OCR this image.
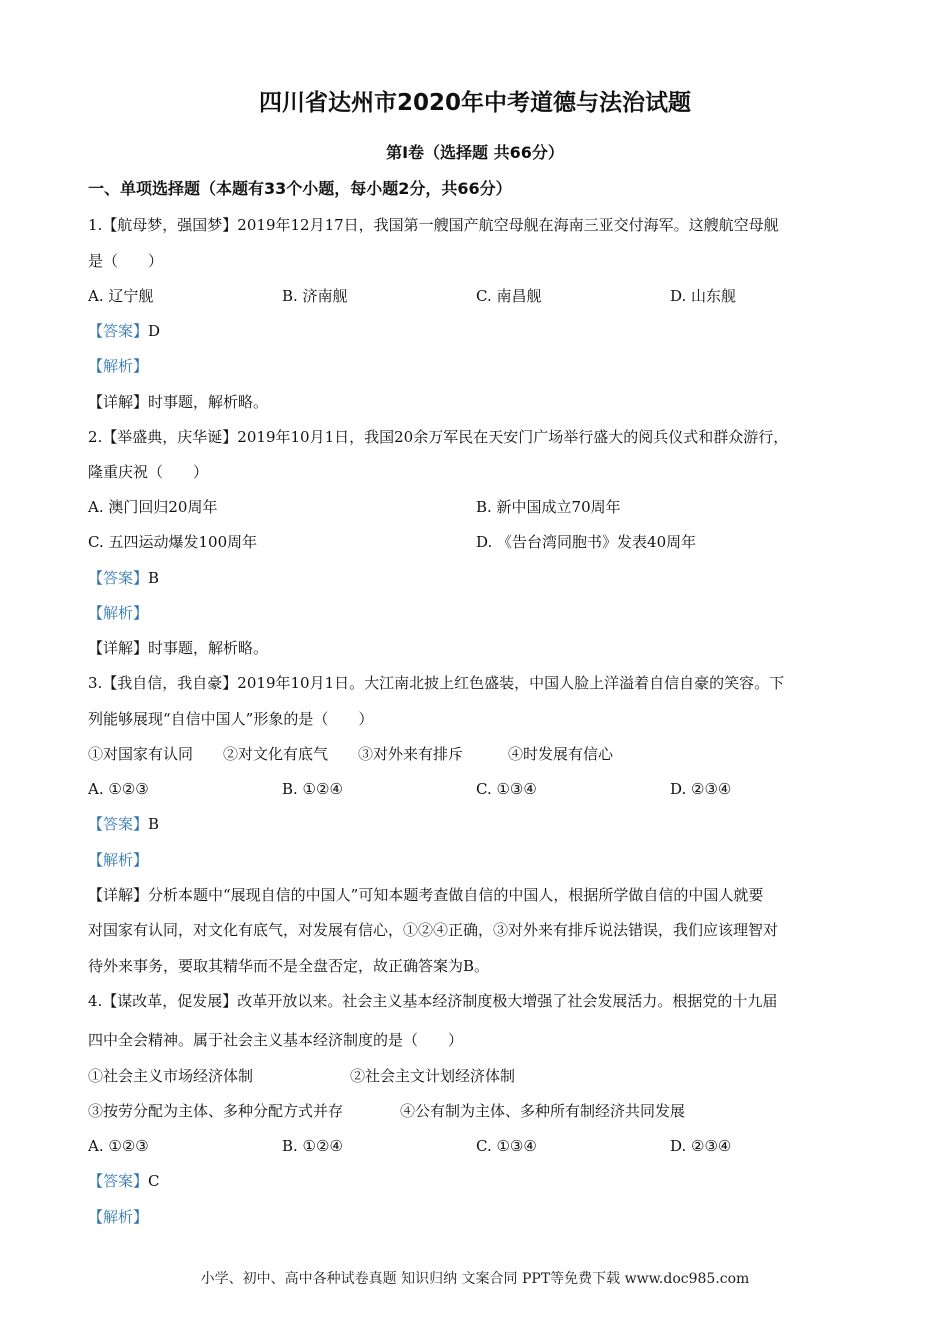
四川省达州市2020年中考道德与法治试题
第I卷（选择题 共66分）
一、单项选择题（本题有33个小题，每小题2分，共66分）
1.【航母梦，强国梦】2019年12月17日，我国第一艘国产航空母舰在海南三亚交付海军。这艘航空母舰
是（　　）
A. 辽宁舰	B. 济南舰	C. 南昌舰	D. 山东舰
【答案】D
【解析】
【详解】时事题，解析略。
2.【举盛典，庆华诞】2019年10月1日，我国20余万军民在天安门广场举行盛大的阅兵仪式和群众游行，
隆重庆祝（　　）
A. 澳门回归20周年	B. 新中国成立70周年
C. 五四运动爆发100周年	D. 《告台湾同胞书》发表40周年
【答案】B
【解析】
【详解】时事题，解析略。
3.【我自信，我自豪】2019年10月1日。大江南北披上红色盛装，中国人脸上洋溢着自信自豪的笑容。下
列能够展现“自信中国人”形象的是（　　）
①对国家有认同　　②对文化有底气　　③对外来有排斥　　　④时发展有信心
A. ①②③	B. ①②④	C. ①③④	D. ②③④
【答案】B
【解析】
【详解】分析本题中“展现自信的中国人”可知本题考查做自信的中国人，根据所学做自信的中国人就要
对国家有认同，对文化有底气，对发展有信心，①②④正确，③对外来有排斥说法错误，我们应该理智对
待外来事务，要取其精华而不是全盘否定，故正确答案为B。
4.【谋改革，促发展】改革开放以来。社会主义基本经济制度极大增强了社会发展活力。根据党的十九届
四中全会精神。属于社会主义基本经济制度的是（　　）
①社会主义市场经济体制	②社会主文计划经济体制
③按劳分配为主体、多种分配方式并存	④公有制为主体、多种所有制经济共同发展
A. ①②③	B. ①②④	C. ①③④	D. ②③④
【答案】C
【解析】
小学、初中、高中各种试卷真题 知识归纳 文案合同 PPT等免费下载 www.doc985.com
